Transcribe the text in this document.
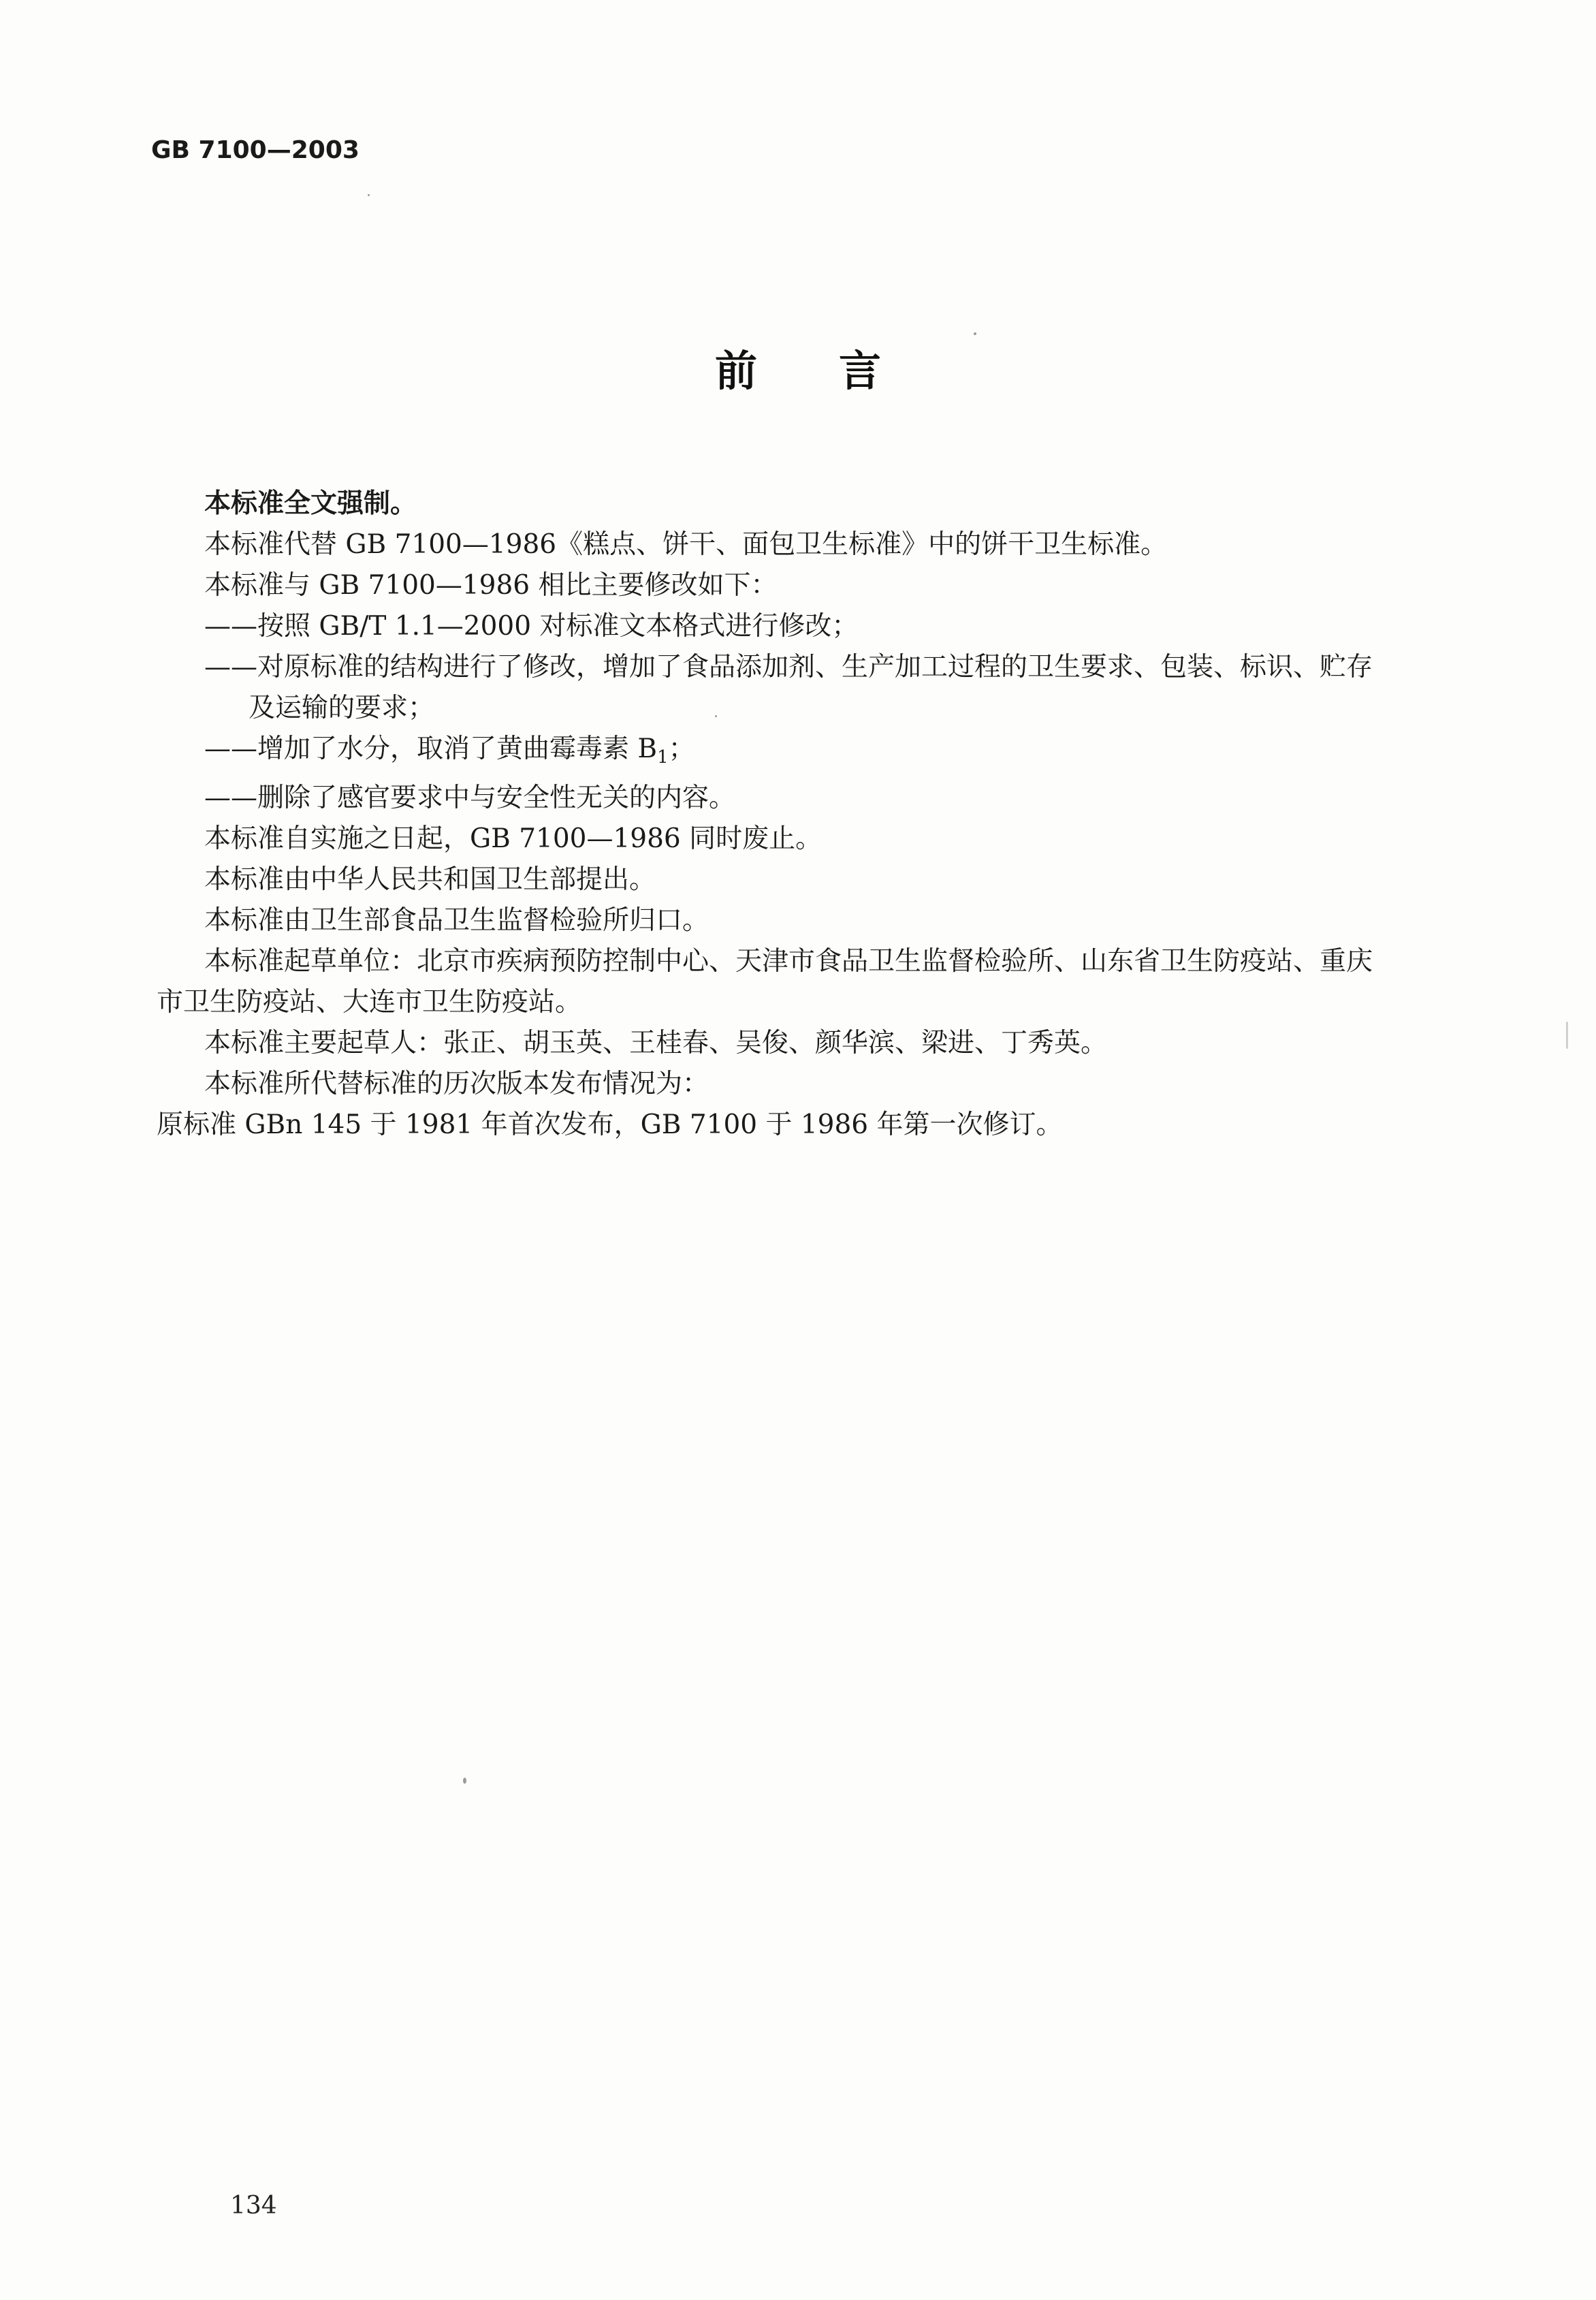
GB 7100—2003
前言

本标准全文强制。

本标准代替 GB 7100—1986《糕点、饼干、面包卫生标准》中的饼干卫生标准。

本标准与 GB 7100—1986 相比主要修改如下：

——按照 GB/T 1.1—2000 对标准文本格式进行修改；

——对原标准的结构进行了修改，增加了食品添加剂、生产加工过程的卫生要求、包装、标识、贮存

及运输的要求；

——增加了水分，取消了黄曲霉毒素 $B_1$；

——删除了感官要求中与安全性无关的内容。

本标准自实施之日起，GB 7100—1986 同时废止。

本标准由中华人民共和国卫生部提出。

本标准由卫生部食品卫生监督检验所归口。

本标准起草单位：北京市疾病预防控制中心、天津市食品卫生监督检验所、山东省卫生防疫站、重庆

市卫生防疫站、大连市卫生防疫站。

本标准主要起草人：张正、胡玉英、王桂春、吴俊、颜华滨、梁进、丁秀英。

本标准所代替标准的历次版本发布情况为：

原标准 GBn 145 于 1981 年首次发布，GB 7100 于 1986 年第一次修订。

134
